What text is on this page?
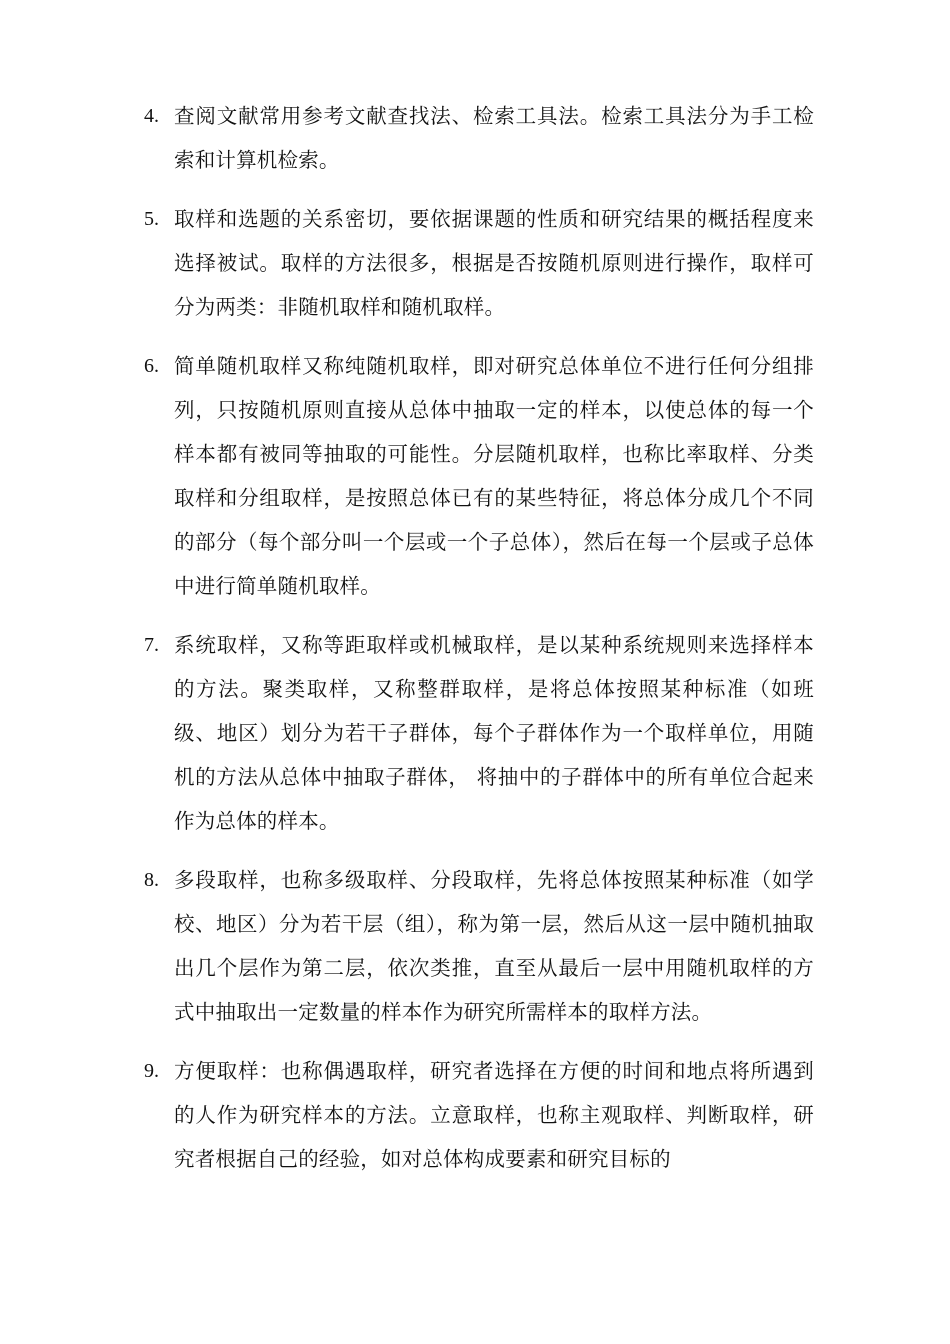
4. 查阅文献常用参考文献查找法、检索工具法。检索工具法分为手工检索和计算机检索。
5. 取样和选题的关系密切，要依据课题的性质和研究结果的概括程度来选择被试。取样的方法很多，根据是否按随机原则进行操作，取样可分为两类：非随机取样和随机取样。
6. 简单随机取样又称纯随机取样，即对研究总体单位不进行任何分组排列，只按随机原则直接从总体中抽取一定的样本，以使总体的每一个样本都有被同等抽取的可能性。分层随机取样，也称比率取样、分类取样和分组取样，是按照总体已有的某些特征，将总体分成几个不同的部分（每个部分叫一个层或一个子总体），然后在每一个层或子总体中进行简单随机取样。
7. 系统取样，又称等距取样或机械取样，是以某种系统规则来选择样本的方法。聚类取样，又称整群取样，是将总体按照某种标准（如班级、地区）划分为若干子群体，每个子群体作为一个取样单位，用随机的方法从总体中抽取子群体， 将抽中的子群体中的所有单位合起来作为总体的样本。
8. 多段取样，也称多级取样、分段取样，先将总体按照某种标准（如学校、地区）分为若干层（组），称为第一层，然后从这一层中随机抽取出几个层作为第二层，依次类推，直至从最后一层中用随机取样的方式中抽取出一定数量的样本作为研究所需样本的取样方法。
9. 方便取样：也称偶遇取样，研究者选择在方便的时间和地点将所遇到的人作为研究样本的方法。立意取样，也称主观取样、判断取样，研究者根据自己的经验，如对总体构成要素和研究目标的
